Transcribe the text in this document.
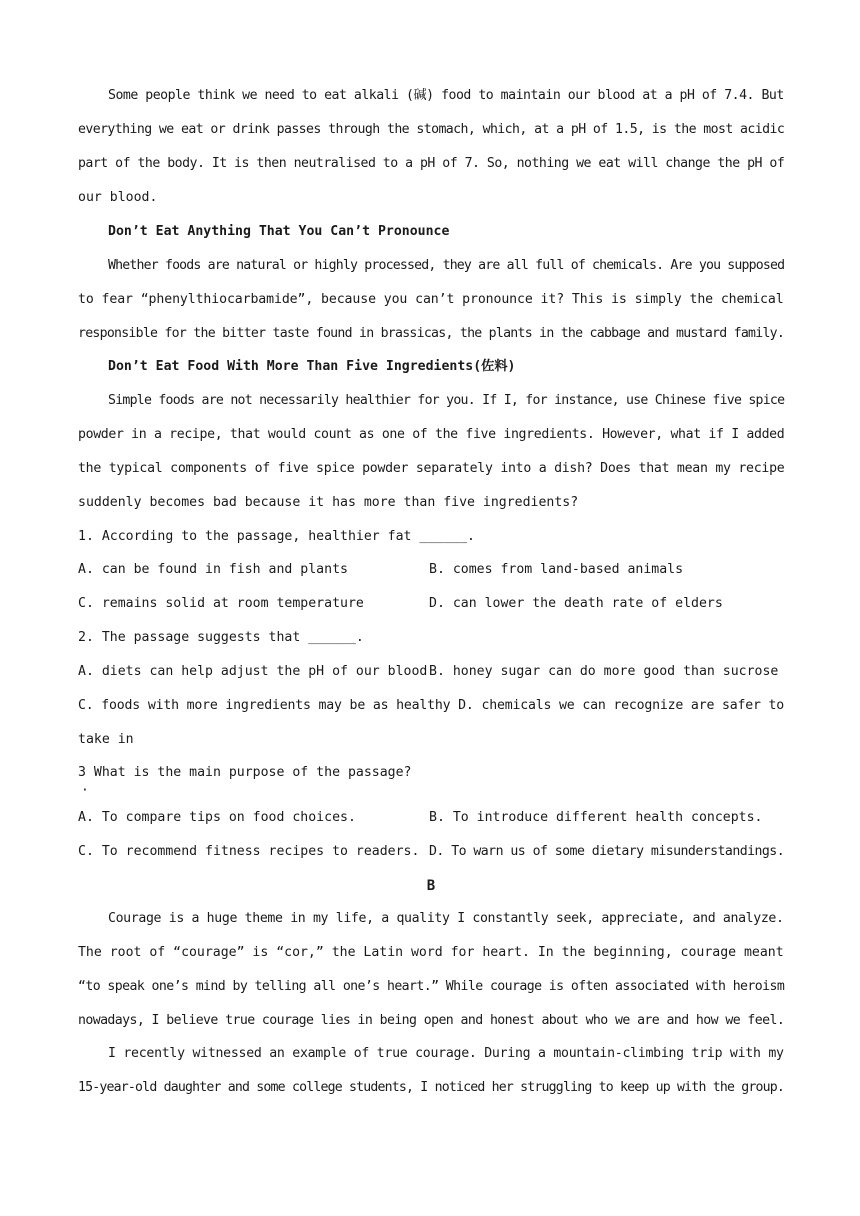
Some people think we need to eat alkali (碱) food to maintain our blood at a pH of 7.4. But
everything we eat or drink passes through the stomach, which, at a pH of 1.5, is the most acidic
part of the body. It is then neutralised to a pH of 7. So, nothing we eat will change the pH of
our blood.
Don’t Eat Anything That You Can’t Pronounce
Whether foods are natural or highly processed, they are all full of chemicals. Are you supposed
to fear “phenylthiocarbamide”, because you can’t pronounce it? This is simply the chemical
responsible for the bitter taste found in brassicas, the plants in the cabbage and mustard family.
Don’t Eat Food With More Than Five Ingredients(佐料)
Simple foods are not necessarily healthier for you. If I, for instance, use Chinese five spice
powder in a recipe, that would count as one of the five ingredients. However, what if I added
the typical components of five spice powder separately into a dish? Does that mean my recipe
suddenly becomes bad because it has more than five ingredients?
1. According to the passage, healthier fat ______.
A. can be found in fish and plants	B. comes from land-based animals
C. remains solid at room temperature	D. can lower the death rate of elders
2. The passage suggests that ______.
A. diets can help adjust the pH of our blood B. honey sugar can do more good than sucrose
C. foods with more ingredients may be as healthy D. chemicals we can recognize are safer to
take in
3 What is the main purpose of the passage?
·
A. To compare tips on food choices.	B. To introduce different health concepts.
C. To recommend fitness recipes to readers. D. To warn us of some dietary misunderstandings.
B
Courage is a huge theme in my life, a quality I constantly seek, appreciate, and analyze.
The root of “courage” is “cor,” the Latin word for heart. In the beginning, courage meant
“to speak one’s mind by telling all one’s heart.” While courage is often associated with heroism
nowadays, I believe true courage lies in being open and honest about who we are and how we feel.
I recently witnessed an example of true courage. During a mountain-climbing trip with my
15-year-old daughter and some college students, I noticed her struggling to keep up with the group.
